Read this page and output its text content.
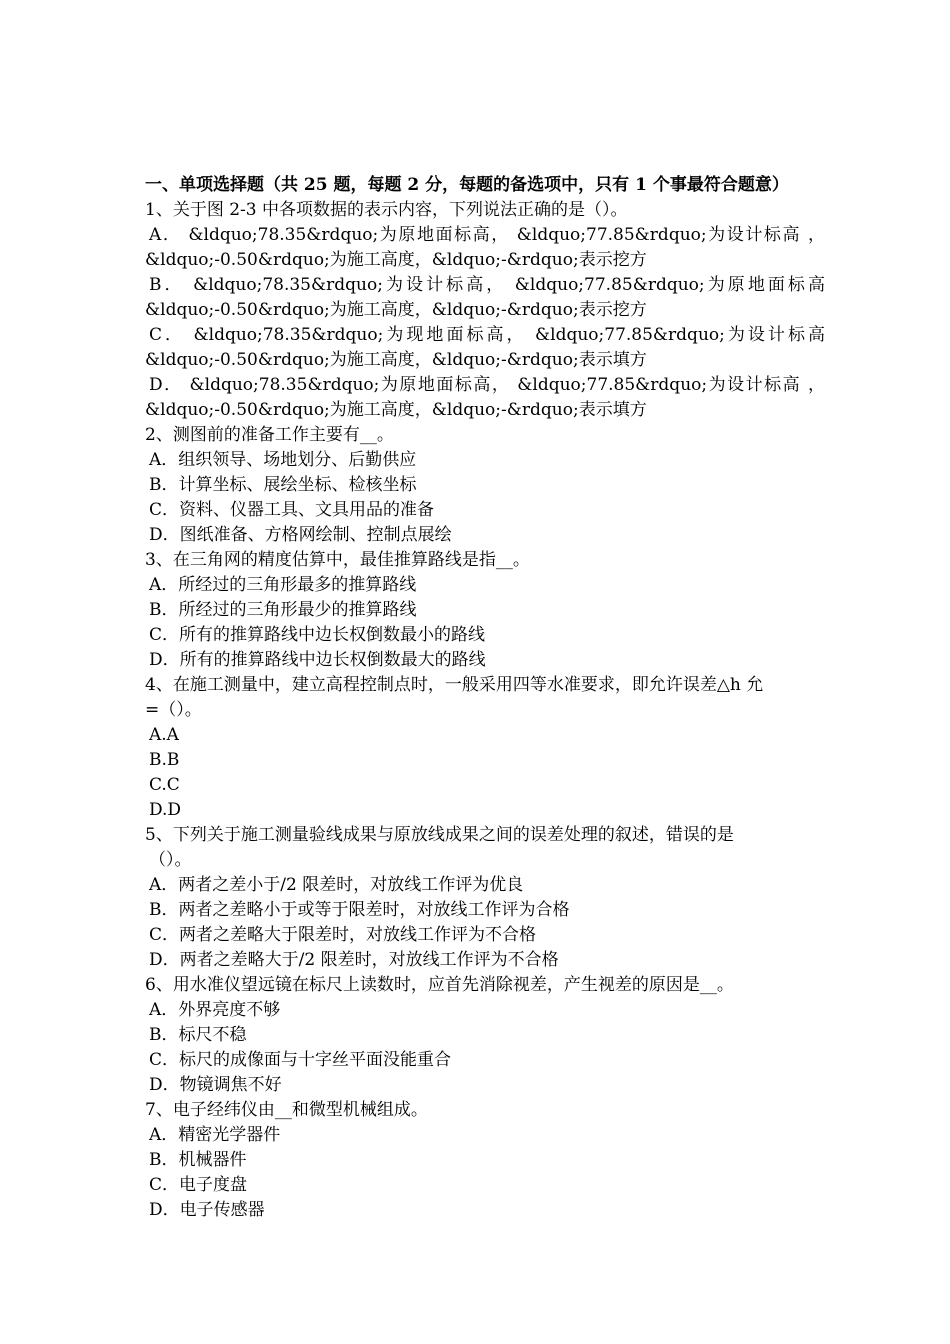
一、单项选择题（共 25 题，每题 2 分，每题的备选项中，只有 1 个事最符合题意）
1、关于图 2-3 中各项数据的表示内容，下列说法正确的是（）。
A． &ldquo;78.35&rdquo;为原地面标高， &ldquo;77.85&rdquo;为设计标高 ，
&ldquo;-0.50&rdquo;为施工高度，&ldquo;-&rdquo;表示挖方
B． &ldquo;78.35&rdquo;为设计标高， &ldquo;77.85&rdquo;为原地面标高
&ldquo;-0.50&rdquo;为施工高度，&ldquo;-&rdquo;表示挖方
C． &ldquo;78.35&rdquo;为现地面标高， &ldquo;77.85&rdquo;为设计标高
&ldquo;-0.50&rdquo;为施工高度，&ldquo;-&rdquo;表示填方
D． &ldquo;78.35&rdquo;为原地面标高， &ldquo;77.85&rdquo;为设计标高 ，
&ldquo;-0.50&rdquo;为施工高度，&ldquo;-&rdquo;表示填方
2、测图前的准备工作主要有__。
A．组织领导、场地划分、后勤供应
B．计算坐标、展绘坐标、检核坐标
C．资料、仪器工具、文具用品的准备
D．图纸准备、方格网绘制、控制点展绘
3、在三角网的精度估算中，最佳推算路线是指__。
A．所经过的三角形最多的推算路线
B．所经过的三角形最少的推算路线
C．所有的推算路线中边长权倒数最小的路线
D．所有的推算路线中边长权倒数最大的路线
4、在施工测量中，建立高程控制点时，一般采用四等水准要求，即允许误差△h 允
=（）。
A.A
B.B
C.C
D.D
5、下列关于施工测量验线成果与原放线成果之间的误差处理的叙述，错误的是
（）。
A．两者之差小于/2 限差时，对放线工作评为优良
B．两者之差略小于或等于限差时，对放线工作评为合格
C．两者之差略大于限差时，对放线工作评为不合格
D．两者之差略大于/2 限差时，对放线工作评为不合格
6、用水准仪望远镜在标尺上读数时，应首先消除视差，产生视差的原因是__。
A．外界亮度不够
B．标尺不稳
C．标尺的成像面与十字丝平面没能重合
D．物镜调焦不好
7、电子经纬仪由__和微型机械组成。
A．精密光学器件
B．机械器件
C．电子度盘
D．电子传感器
